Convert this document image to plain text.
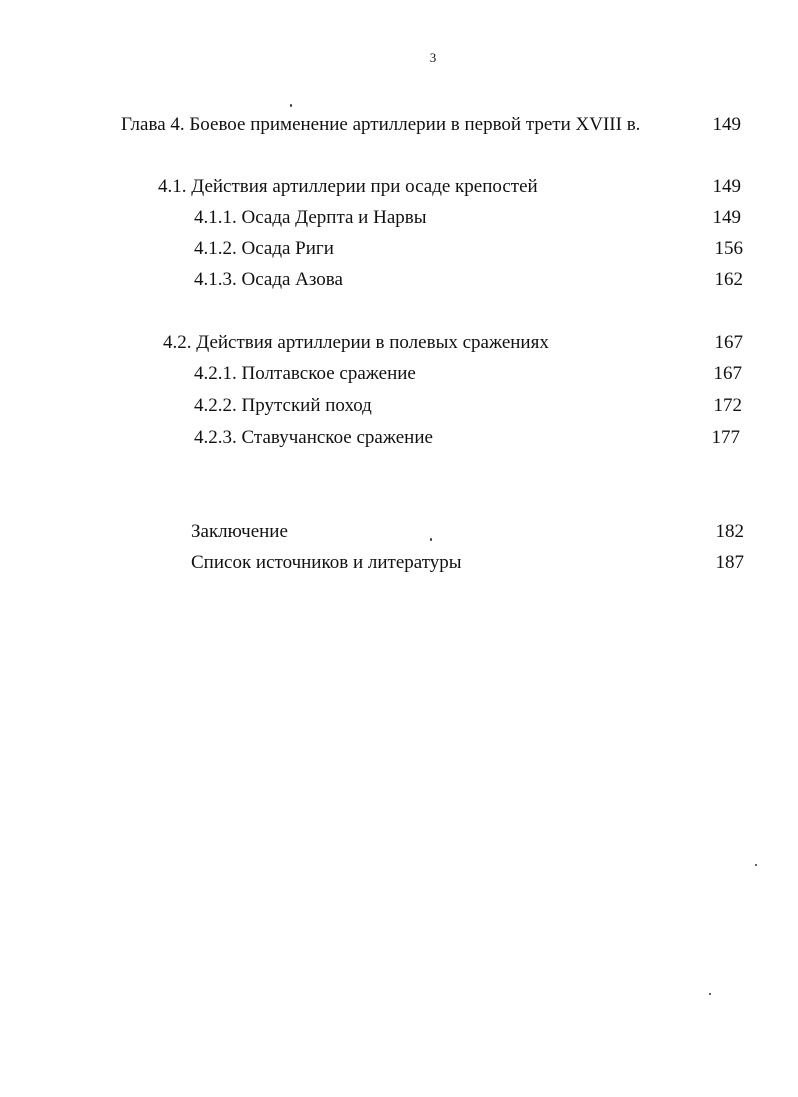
3
Глава 4. Боевое применение артиллерии в первой трети XVIII в.	149
4.1. Действия артиллерии при осаде крепостей	149
4.1.1. Осада Дерпта и Нарвы	149
4.1.2. Осада Риги	156
4.1.3. Осада Азова	162
4.2. Действия артиллерии в полевых сражениях	167
4.2.1. Полтавское сражение	167
4.2.2. Прутский поход	172
4.2.3. Ставучанское сражение	177
Заключение	182
Список источников и литературы	187
